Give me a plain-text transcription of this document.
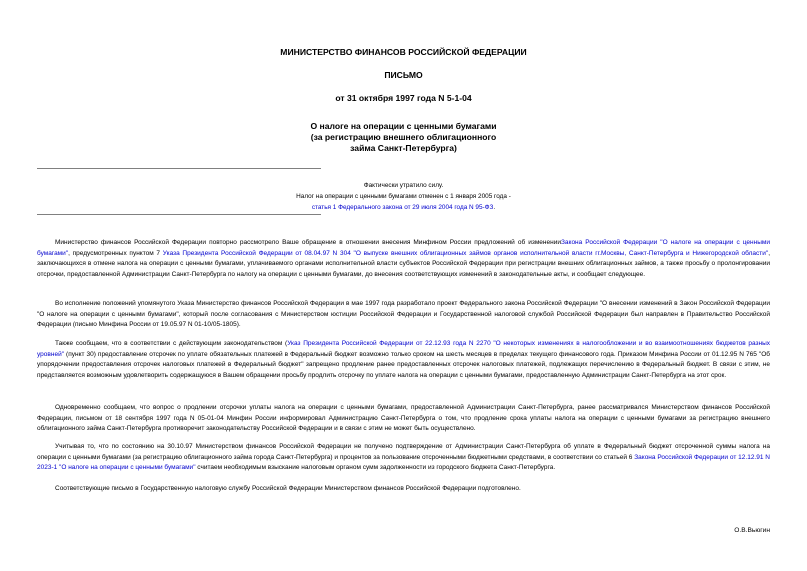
МИНИСТЕРСТВО ФИНАНСОВ РОССИЙСКОЙ ФЕДЕРАЦИИ
ПИСЬМО
от 31 октября 1997 года N 5-1-04
О налоге на операции с ценными бумагами
(за регистрацию внешнего облигационного
займа Санкт-Петербурга)
Фактически утратило силу.
Налог на операции с ценными бумагами отменен с 1 января 2005 года -
статья 1 Федерального закона от 29 июля 2004 года N 95-ФЗ.

Министерство финансов Российской Федерации повторно рассмотрело Ваше обращение в отношении внесения Минфином России предложений об измененииЗакона Российской Федерации "О налоге на операции с ценными бумагами", предусмотренных пунктом 7 Указа Президента Российской Федерации от 08.04.97 N 304 "О выпуске внешних облигационных займов органов исполнительной власти гг.Москвы, Санкт-Петербурга и Нижегородской области", заключающихся в отмене налога на операции с ценными бумагами, уплачиваемого органами исполнительной власти субъектов Российской Федерации при регистрации внешних облигационных займов, а также просьбу о пролонгировании отсрочки, предоставленной Администрации Санкт-Петербурга по налогу на операции с ценными бумагами, до внесения соответствующих изменений в законодательные акты, и сообщает следующее.

Во исполнение положений упомянутого Указа Министерство финансов Российской Федерации в мае 1997 года разработало проект Федерального закона Российской Федерации "О внесении изменений в Закон Российской Федерации "О налоге на операции с ценными бумагами", который после согласования с Министерством юстиции Российской Федерации и Государственной налоговой службой Российской Федерации был направлен в Правительство Российской Федерации (письмо Минфина России от 19.05.97 N 01-10/05-1805).

Также сообщаем, что в соответствии с действующим законодательством (Указ Президента Российской Федерации от 22.12.93 года N 2270 "О некоторых изменениях в налогообложении и во взаимоотношениях бюджетов разных уровней" (пункт 30) предоставление отсрочек по уплате обязательных платежей в Федеральный бюджет возможно только сроком на шесть месяцев в пределах текущего финансового года. Приказом Минфина России от 01.12.95 N 765 "Об упорядочении предоставления отсрочек налоговых платежей в Федеральный бюджет" запрещено продление ранее предоставленных отсрочек налоговых платежей, подлежащих перечислению в Федеральный бюджет. В связи с этим, не представляется возможным удовлетворить содержащуюся в Вашем обращении просьбу продлить отсрочку по уплате налога на операции с ценными бумагами, предоставленную Администрации Санкт-Петербурга на этот срок.

Одновременно сообщаем, что вопрос о продлении отсрочки уплаты налога на операции с ценными бумагами, предоставленной Администрации Санкт-Петербурга, ранее рассматривался Министерством финансов Российской Федерации, письмом от 18 сентября 1997 года N 05-01-04 Минфин России информировал Администрацию Санкт-Петербурга о том, что продление срока уплаты налога на операции с ценными бумагами за регистрацию внешнего облигационного займа Санкт-Петербурга противоречит законодательству Российской Федерации и в связи с этим не может быть осуществлено.

Учитывая то, что по состоянию на 30.10.97 Министерством финансов Российской Федерации не получено подтверждение от Администрации Санкт-Петербурга об уплате в Федеральный бюджет отсроченной суммы налога на операции с ценными бумагами (за регистрацию облигационного займа города Санкт-Петербурга) и процентов за пользование отсроченными бюджетными средствами, в соответствии со статьей 6 Закона Российской Федерации от 12.12.91 N 2023-1 "О налоге на операции с ценными бумагами" считаем необходимым взыскание налоговым органом сумм задолженности из городского бюджета Санкт-Петербурга.

Соответствующие письмо в Государственную налоговую службу Российской Федерации Министерством финансов Российской Федерации подготовлено.

О.В.Вьюгин
